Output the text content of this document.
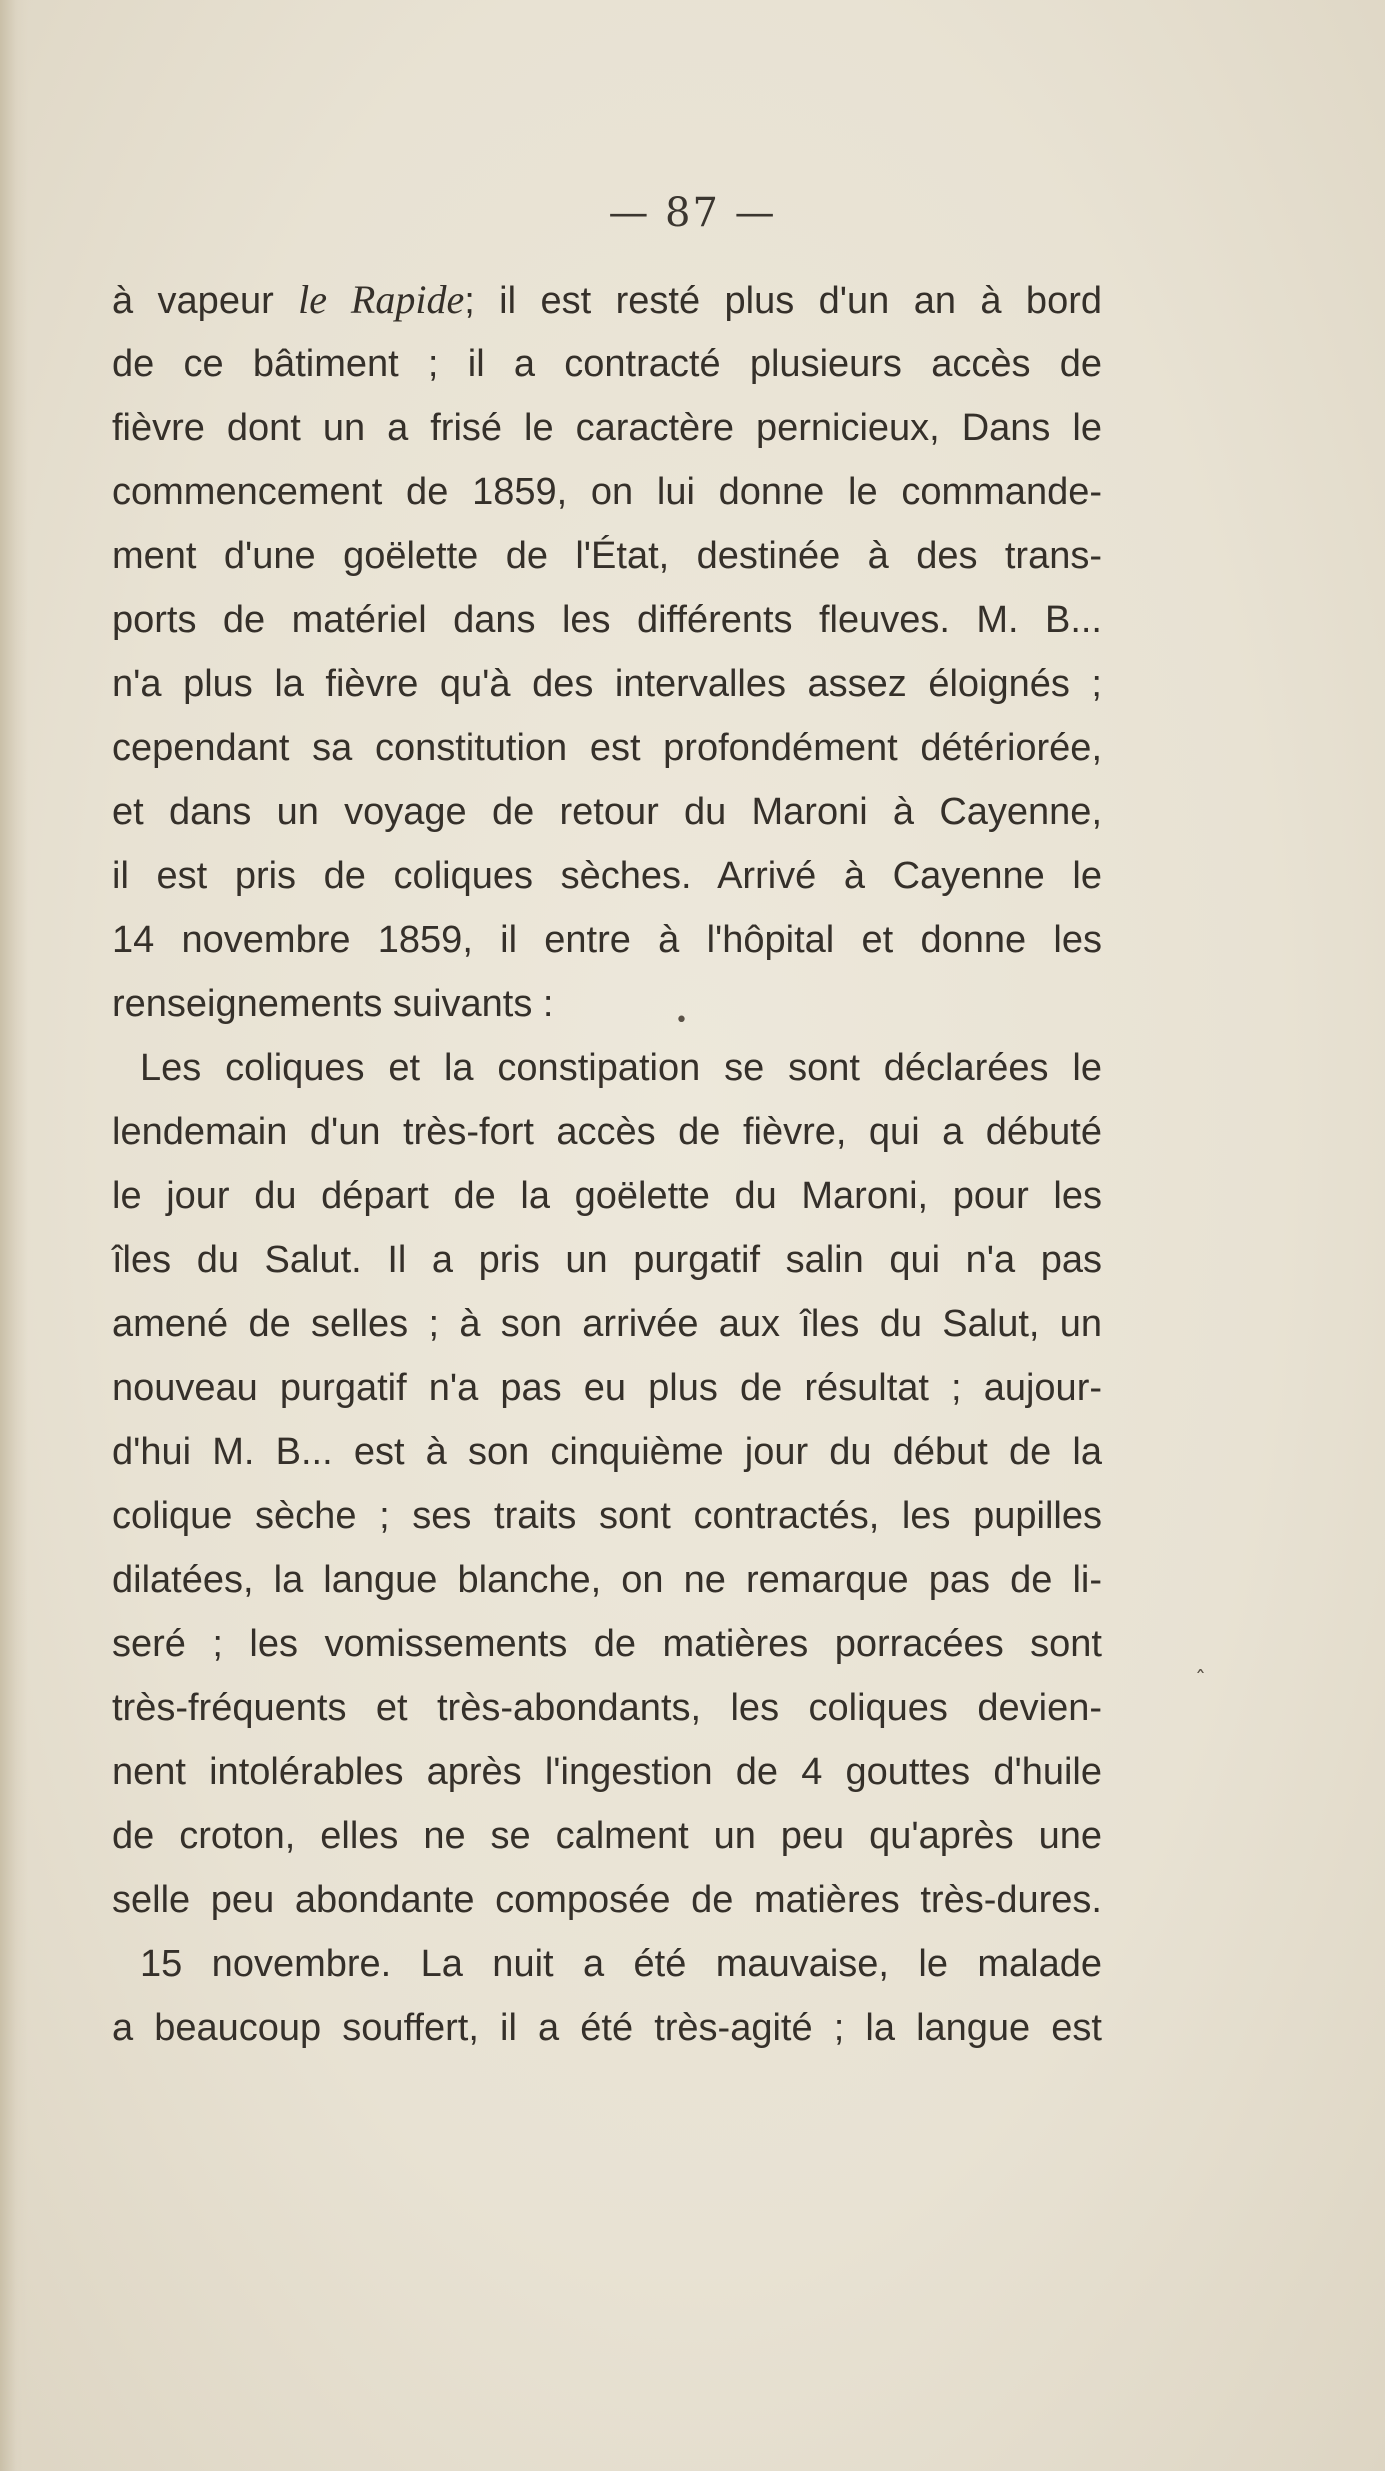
— 87 —
à vapeur le Rapide; il est resté plus d'un an à bord
de ce bâtiment ; il a contracté plusieurs accès de
fièvre dont un a frisé le caractère pernicieux, Dans le
commencement de 1859, on lui donne le commande-
ment d'une goëlette de l'État, destinée à des trans-
ports de matériel dans les différents fleuves. M. B...
n'a plus la fièvre qu'à des intervalles assez éloignés ;
cependant sa constitution est profondément détériorée,
et dans un voyage de retour du Maroni à Cayenne,
il est pris de coliques sèches. Arrivé à Cayenne le
14 novembre 1859, il entre à l'hôpital et donne les
renseignements suivants :
Les coliques et la constipation se sont déclarées le
lendemain d'un très-fort accès de fièvre, qui a débuté
le jour du départ de la goëlette du Maroni, pour les
îles du Salut. Il a pris un purgatif salin qui n'a pas
amené de selles ; à son arrivée aux îles du Salut, un
nouveau purgatif n'a pas eu plus de résultat ; aujour-
d'hui M. B... est à son cinquième jour du début de la
colique sèche ; ses traits sont contractés, les pupilles
dilatées, la langue blanche, on ne remarque pas de li-
seré ; les vomissements de matières porracées sont
très-fréquents et très-abondants, les coliques devien-
nent intolérables après l'ingestion de 4 gouttes d'huile
de croton, elles ne se calment un peu qu'après une
selle peu abondante composée de matières très-dures.
15 novembre. La nuit a été mauvaise, le malade
a beaucoup souffert, il a été très-agité ; la langue est
•
ˆ
